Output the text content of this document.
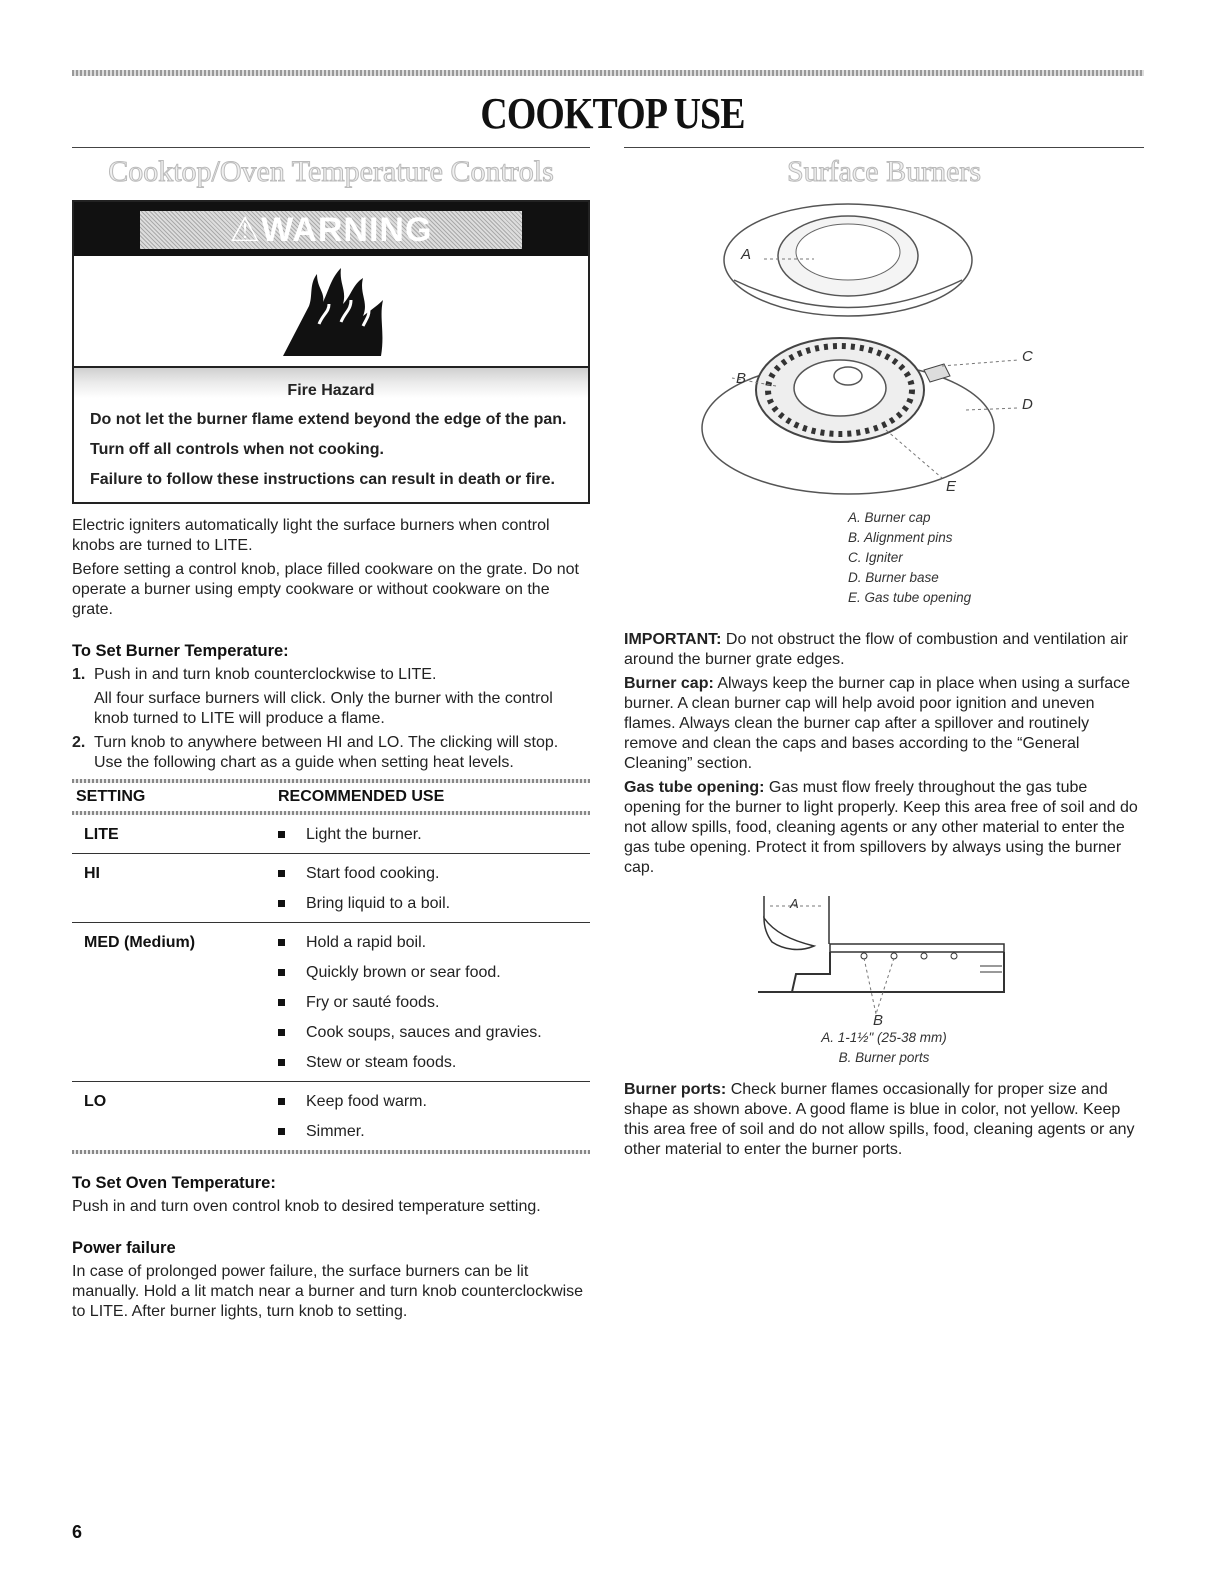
COOKTOP USE
Cooktop/Oven Temperature Controls	Surface Burners
⚠WARNING
Fire Hazard

Do not let the burner flame extend beyond the edge of the pan.

Turn off all controls when not cooking.

Failure to follow these instructions can result in death or fire.

Electric igniters automatically light the surface burners when control knobs are turned to LITE.

Before setting a control knob, place filled cookware on the grate. Do not operate a burner using empty cookware or without cookware on the grate.

To Set Burner Temperature:

1. Push in and turn knob counterclockwise to LITE.
All four surface burners will click. Only the burner with the control knob turned to LITE will produce a flame.
2. Turn knob to anywhere between HI and LO. The clicking will stop. Use the following chart as a guide when setting heat levels.
SETTING	RECOMMENDED USE
LITE	Light the burner.
HI	Start food cooking.
Bring liquid to a boil.
MED (Medium)	Hold a rapid boil.
Quickly brown or sear food.
Fry or sauté foods.
Cook soups, sauces and gravies.
Stew or steam foods.
LO	Keep food warm.
Simmer.

To Set Oven Temperature:

Push in and turn oven control knob to desired temperature setting.

Power failure

In case of prolonged power failure, the surface burners can be lit manually. Hold a lit match near a burner and turn knob counterclockwise to LITE. After burner lights, turn knob to setting.

A
B
C
D
E
A. Burner cap
B. Alignment pins
C. Igniter
D. Burner base
E. Gas tube opening

IMPORTANT: Do not obstruct the flow of combustion and ventilation air around the burner grate edges.

Burner cap: Always keep the burner cap in place when using a surface burner. A clean burner cap will help avoid poor ignition and uneven flames. Always clean the burner cap after a spillover and routinely remove and clean the caps and bases according to the “General Cleaning” section.

Gas tube opening: Gas must flow freely throughout the gas tube opening for the burner to light properly. Keep this area free of soil and do not allow spills, food, cleaning agents or any other material to enter the gas tube opening. Protect it from spillovers by always using the burner cap.

A
B
A. 1-1½" (25-38 mm)
B. Burner ports

Burner ports: Check burner flames occasionally for proper size and shape as shown above. A good flame is blue in color, not yellow. Keep this area free of soil and do not allow spills, food, cleaning agents or any other material to enter the burner ports.

6
